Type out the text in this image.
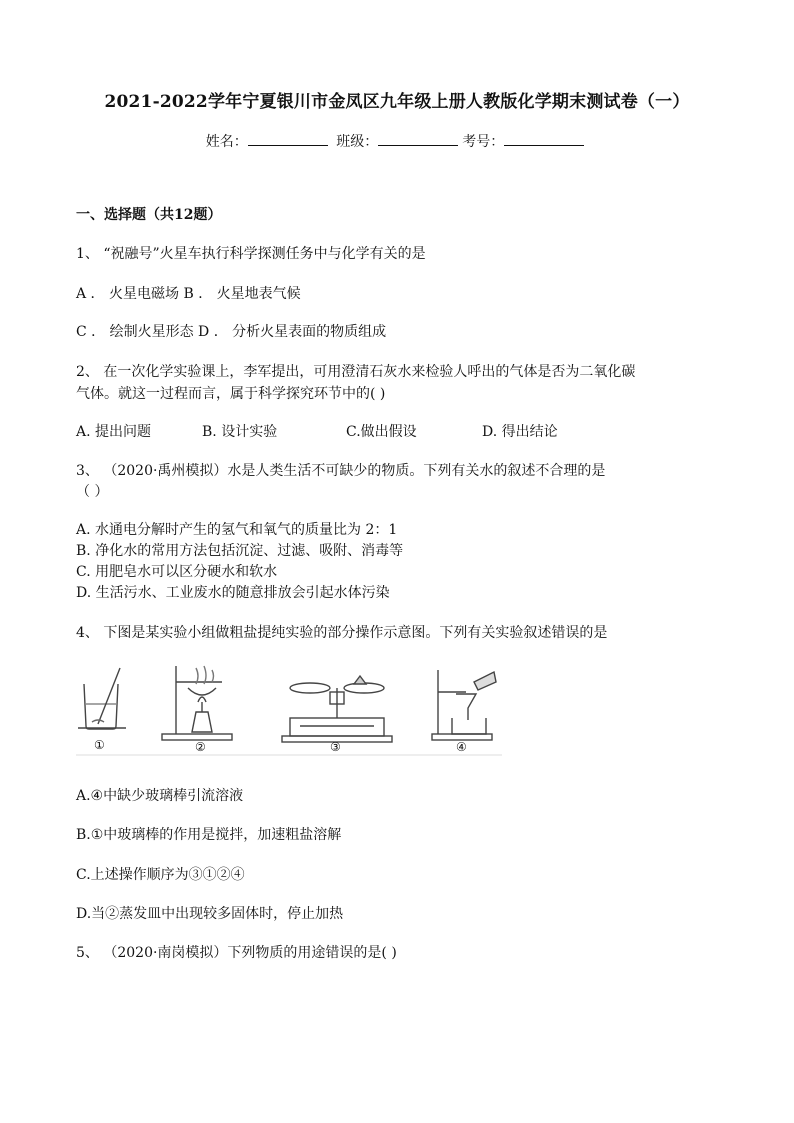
2021-2022学年宁夏银川市金凤区九年级上册人教版化学期末测试卷（一）
姓名：	班级：	考号：
一、选择题（共12题）
1、 “祝融号”火星车执行科学探测任务中与化学有关的是
A ． 火星电磁场 B ． 火星地表气候
C ． 绘制火星形态 D ． 分析火星表面的物质组成
2、 在一次化学实验课上，李军提出，可用澄清石灰水来检验人呼出的气体是否为二氧化碳
气体。就这一过程而言，属于科学探究环节中的( )
A. 提出问题	B. 设计实验	C.做出假设	D. 得出结论
3、 （2020·禹州模拟）水是人类生活不可缺少的物质。下列有关水的叙述不合理的是
（ ）
A. 水通电分解时产生的氢气和氧气的质量比为 2：1
B. 净化水的常用方法包括沉淀、过滤、吸附、消毒等
C. 用肥皂水可以区分硬水和软水
D. 生活污水、工业废水的随意排放会引起水体污染
4、 下图是某实验小组做粗盐提纯实验的部分操作示意图。下列有关实验叙述错误的是
①	②	③	④
A.④中缺少玻璃棒引流溶液
B.①中玻璃棒的作用是搅拌，加速粗盐溶解
C.上述操作顺序为③①②④
D.当②蒸发皿中出现较多固体时，停止加热
5、 （2020·南岗模拟）下列物质的用途错误的是( )
